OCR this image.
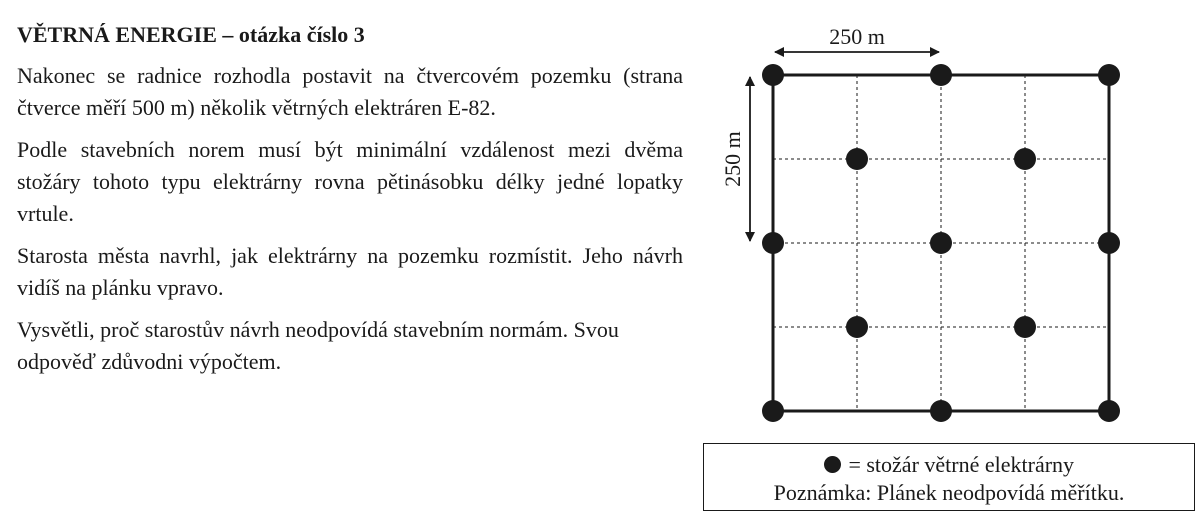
VĚTRNÁ ENERGIE – otázka číslo 3

Nakonec se radnice rozhodla postavit na čtvercovém pozemku (strana čtverce měří 500 m) několik větrných elektráren E-82.

Podle stavebních norem musí být minimální vzdálenost mezi dvěma stožáry tohoto typu elektrárny rovna pětinásobku délky jedné lopatky vrtule.

Starosta města navrhl, jak elektrárny na pozemku rozmístit. Jeho návrh vidíš na plánku vpravo.

Vysvětli, proč starostův návrh neodpovídá stavebním normám. Svou odpověď zdůvodni výpočtem.

250 m
250 m
= stožár větrné elektrárny
Poznámka: Plánek neodpovídá měřítku.
